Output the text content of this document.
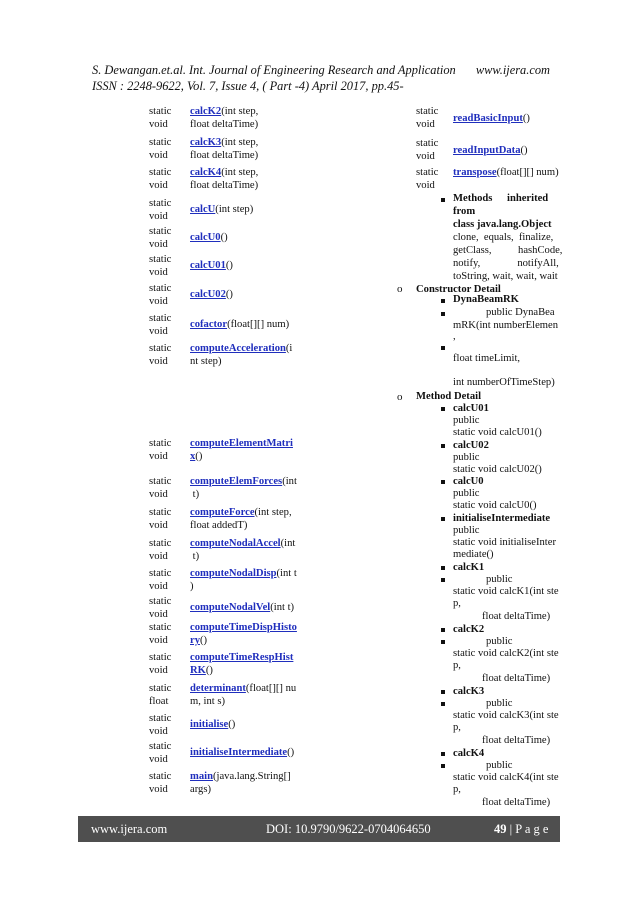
S. Dewangan.et.al. Int. Journal of Engineering Research and Application
ISSN : 2248-9622, Vol. 7, Issue 4, ( Part -4) April 2017, pp.45-
www.ijera.com
static
void
calcK2(int step,
float deltaTime)
static
void
calcK3(int step,
float deltaTime)
static
void
calcK4(int step,
float deltaTime)
static
void
calcU(int step)
static
void
calcU0()
static
void
calcU01()
static
void
calcU02()
static
void
cofactor(float[][] num)
static
void
computeAcceleration(i
nt step)
static
void
computeElementMatri
x()
static
void
computeElemForces(int
t)
static
void
computeForce(int step,
float addedT)
static
void
computeNodalAccel(int
t)
static
void
computeNodalDisp(int t
)
static
void
computeNodalVel(int t)
static
void
computeTimeDispHisto
ry()
static
void
computeTimeRespHist
RK()
static
float
determinant(float[][] nu
m, int s)
static
void
initialise()
static
void
initialiseIntermediate()
static
void
main(java.lang.String[]
args)
static
void
readBasicInput()
static
void
readInputData()
static
void
transpose(float[][] num)
Methods inherited
from
class java.lang.Object
clone,  equals,  finalize,
getClass,          hashCode,
notify,              notifyAll,
toString, wait, wait, wait
o Constructor Detail
DynaBeamRK
public DynaBea
mRK(int numberElemen
,
float timeLimit,
int numberOfTimeStep)
o Method Detail
calcU01
public
static void calcU01()
calcU02
public
static void calcU02()
calcU0
public
static void calcU0()
initialiseIntermediate
public
static void initialiseInter
mediate()
calcK1
public
static void calcK1(int ste
p,
float deltaTime)
calcK2
public
static void calcK2(int ste
p,
float deltaTime)
calcK3
public
static void calcK3(int ste
p,
float deltaTime)
calcK4
public
static void calcK4(int ste
p,
float deltaTime)
www.ijera.com	DOI: 10.9790/9622-0704064650	49 | P a g e
